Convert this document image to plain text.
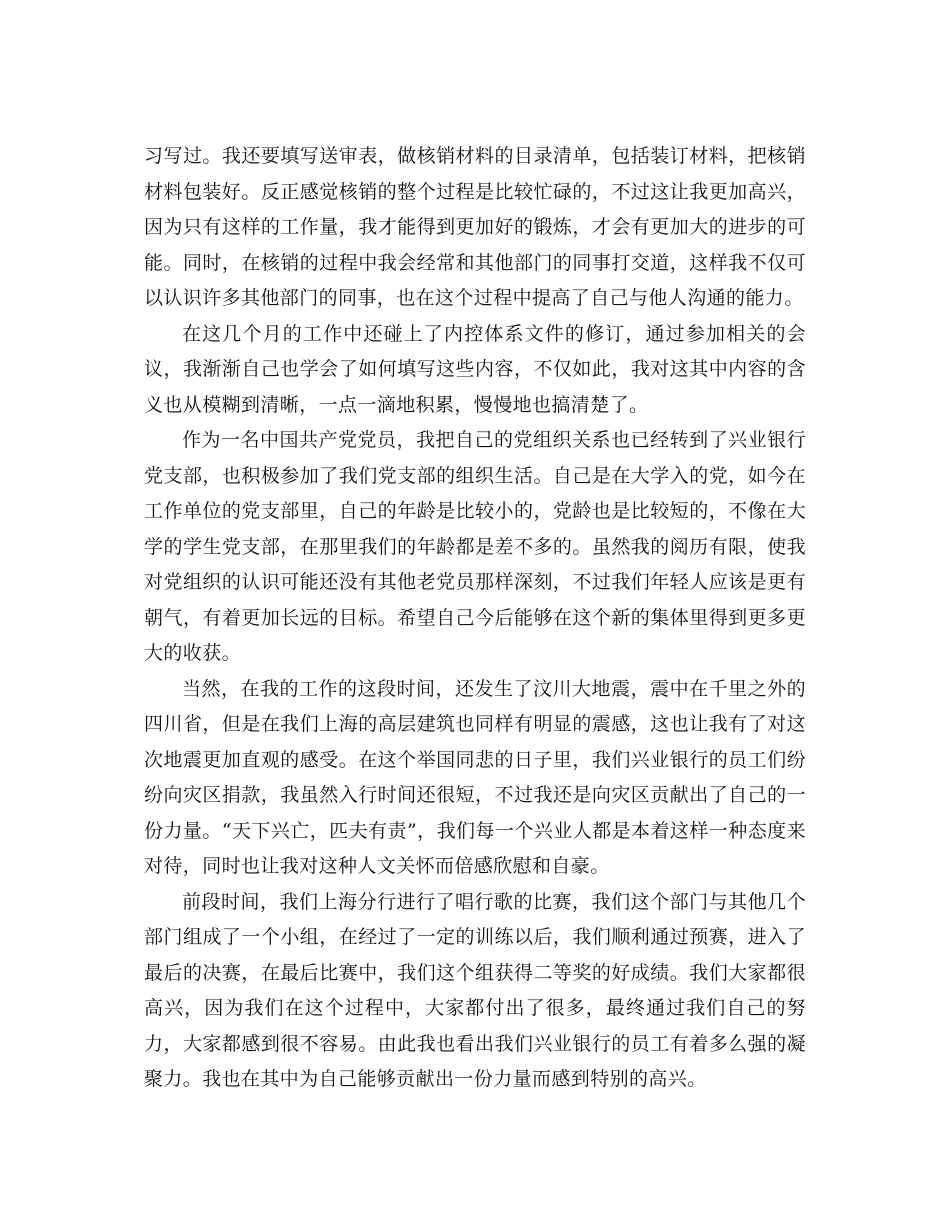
习写过。我还要填写送审表，做核销材料的目录清单，包括装订材料，把核销材料包装好。反正感觉核销的整个过程是比较忙碌的，不过这让我更加高兴，因为只有这样的工作量，我才能得到更加好的锻炼，才会有更加大的进步的可能。同时，在核销的过程中我会经常和其他部门的同事打交道，这样我不仅可以认识许多其他部门的同事，也在这个过程中提高了自己与他人沟通的能力。

在这几个月的工作中还碰上了内控体系文件的修订，通过参加相关的会议，我渐渐自己也学会了如何填写这些内容，不仅如此，我对这其中内容的含义也从模糊到清晰，一点一滴地积累，慢慢地也搞清楚了。

作为一名中国共产党党员，我把自己的党组织关系也已经转到了兴业银行党支部，也积极参加了我们党支部的组织生活。自己是在大学入的党，如今在工作单位的党支部里，自己的年龄是比较小的，党龄也是比较短的，不像在大学的学生党支部，在那里我们的年龄都是差不多的。虽然我的阅历有限，使我对党组织的认识可能还没有其他老党员那样深刻，不过我们年轻人应该是更有朝气，有着更加长远的目标。希望自己今后能够在这个新的集体里得到更多更大的收获。

当然，在我的工作的这段时间，还发生了汶川大地震，震中在千里之外的四川省，但是在我们上海的高层建筑也同样有明显的震感，这也让我有了对这次地震更加直观的感受。在这个举国同悲的日子里，我们兴业银行的员工们纷纷向灾区捐款，我虽然入行时间还很短，不过我还是向灾区贡献出了自己的一份力量。“天下兴亡，匹夫有责”，我们每一个兴业人都是本着这样一种态度来对待，同时也让我对这种人文关怀而倍感欣慰和自豪。

前段时间，我们上海分行进行了唱行歌的比赛，我们这个部门与其他几个部门组成了一个小组，在经过了一定的训练以后，我们顺利通过预赛，进入了最后的决赛，在最后比赛中，我们这个组获得二等奖的好成绩。我们大家都很高兴，因为我们在这个过程中，大家都付出了很多，最终通过我们自己的努力，大家都感到很不容易。由此我也看出我们兴业银行的员工有着多么强的凝聚力。我也在其中为自己能够贡献出一份力量而感到特别的高兴。
